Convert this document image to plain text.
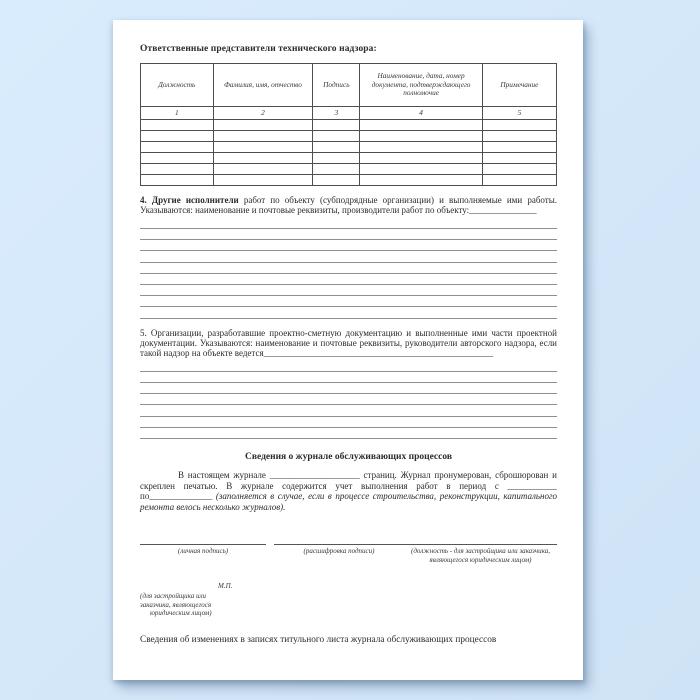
Ответственные представители технического надзора:
Должность	Фамилия, имя, отчество	Подпись	Наименование, дата, номер документа, подтверждающего полномочие	Примечание
1	2	3	4	5

4. Другие исполнители работ по объекту (субподрядные организации) и выполняемые ими работы. Указываются: наименование и почтовые реквизиты, производители работ по объекту:_______________
5. Организации, разработавшие проектно-сметную документацию и выполненные ими части проектной документации. Указываются: наименование и почтовые реквизиты, руководители авторского надзора, если такой надзор на объекте ведется___________________________________________________
Сведения о журнале обслуживающих процессов
В настоящем журнале ____________________ страниц. Журнал пронумерован, сброшюрован и скреплен печатью. В журнале содержится учет выполнения работ в период с ___________ по______________ (заполняется в случае, если в процессе строительства, реконструкции, капитального ремонта велось несколько журналов).
(личная подпись)	(расшифровка подписи)	(должность - для застройщика или заказчика,
являющегося юридическим лицом)
М.П.
(для застройщика или
заказчика, являющегося
юридическим лицом)
Сведения об изменениях в записях титульного листа журнала обслуживающих процессов
